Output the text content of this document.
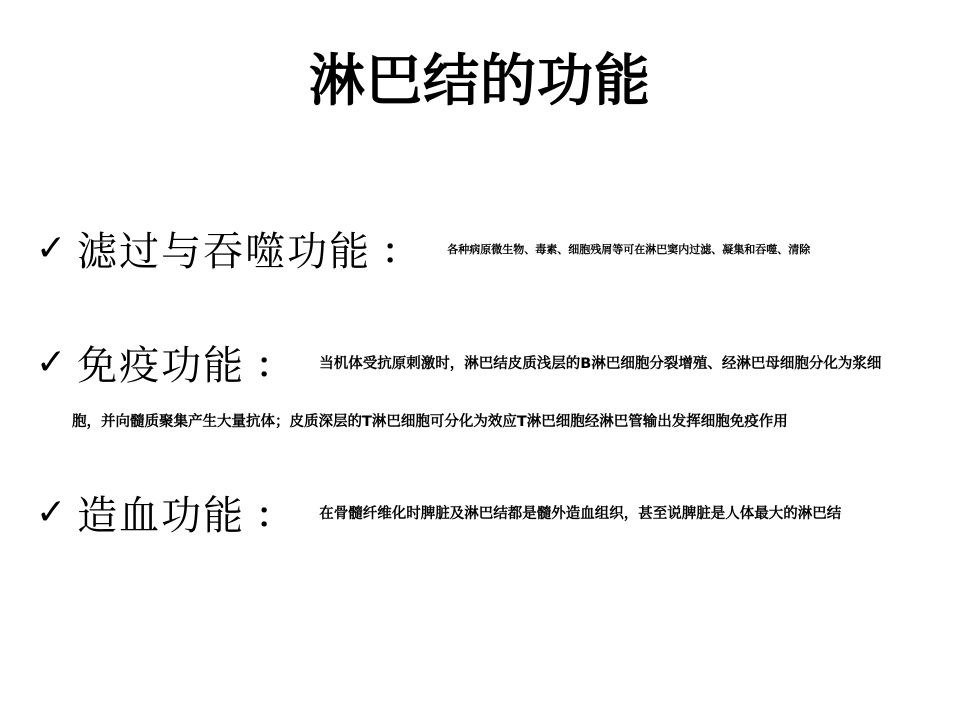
淋巴结的功能
✓ 滤过与吞噬功能 ：	各种病原微生物、毒素、细胞残屑等可在淋巴窦内过滤、凝集和吞噬、清除
✓ 免疫功能 ： 当机体受抗原刺激时，淋巴结皮质浅层的B淋巴细胞分裂增殖、经淋巴母细胞分化为浆细
胞，并向髓质聚集产生大量抗体；皮质深层的T淋巴细胞可分化为效应T淋巴细胞经淋巴管输出发挥细胞免疫作用
✓ 造血功能 ： 在骨髓纤维化时脾脏及淋巴结都是髓外造血组织，甚至说脾脏是人体最大的淋巴结
